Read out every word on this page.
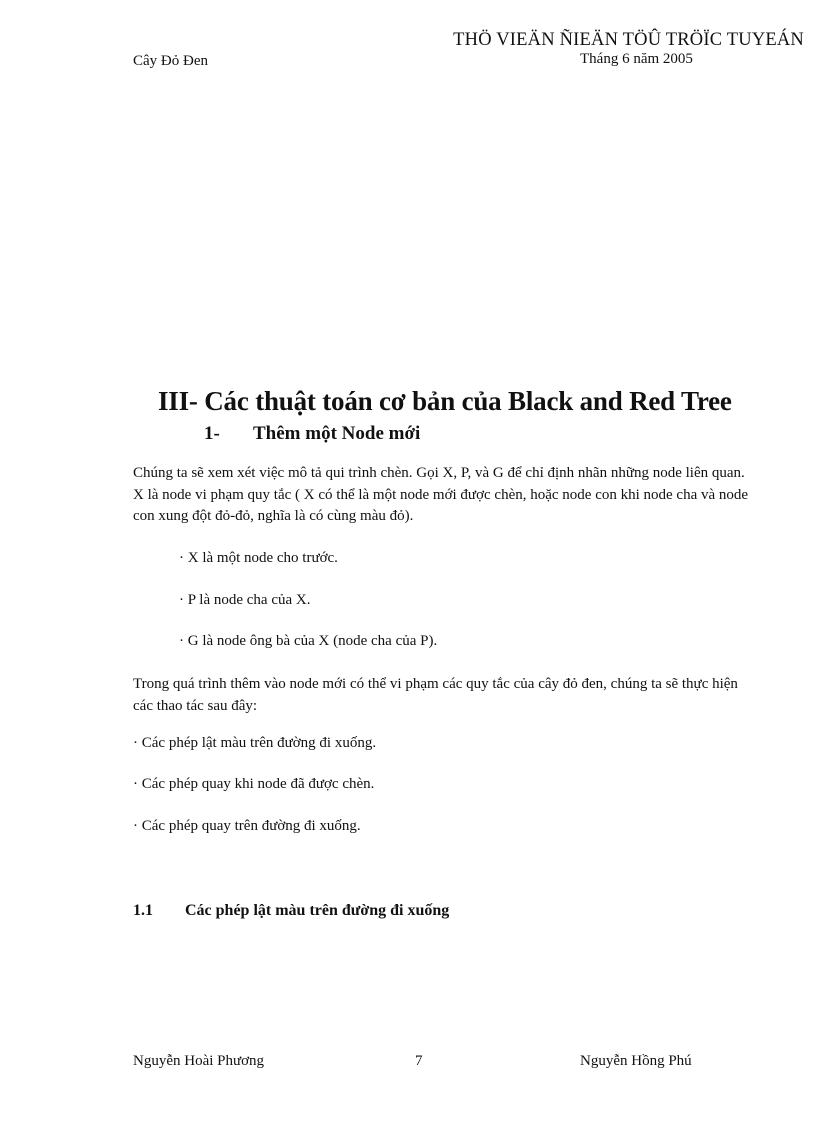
THÖ VIEÄN ÑIEÄN TÖÛ TRÖÏC TUYEÁN
Cây Đỏ Đen	Tháng 6 năm 2005
III- Các thuật toán cơ bản của Black and Red Tree
1- Thêm một Node mới
Chúng ta sẽ xem xét việc mô tả qui trình chèn. Gọi X, P, và G để chỉ định nhãn những node liên quan. X là node vi phạm quy tắc ( X có thể là một node mới được chèn, hoặc node con khi node cha và node con xung đột đỏ-đỏ, nghĩa là có cùng màu đỏ).
· X là một node cho trước.
· P là node cha của X.
· G là node ông bà của X (node cha của P).
Trong quá trình thêm vào node mới có thể vi phạm các quy tắc của cây đỏ đen, chúng ta sẽ thực hiện các thao tác sau đây:
· Các phép lật màu trên đường đi xuống.
· Các phép quay khi node đã được chèn.
· Các phép quay trên đường đi xuống.
1.1 Các phép lật màu trên đường đi xuống
Nguyễn Hoài Phương	7	Nguyễn Hồng Phú
